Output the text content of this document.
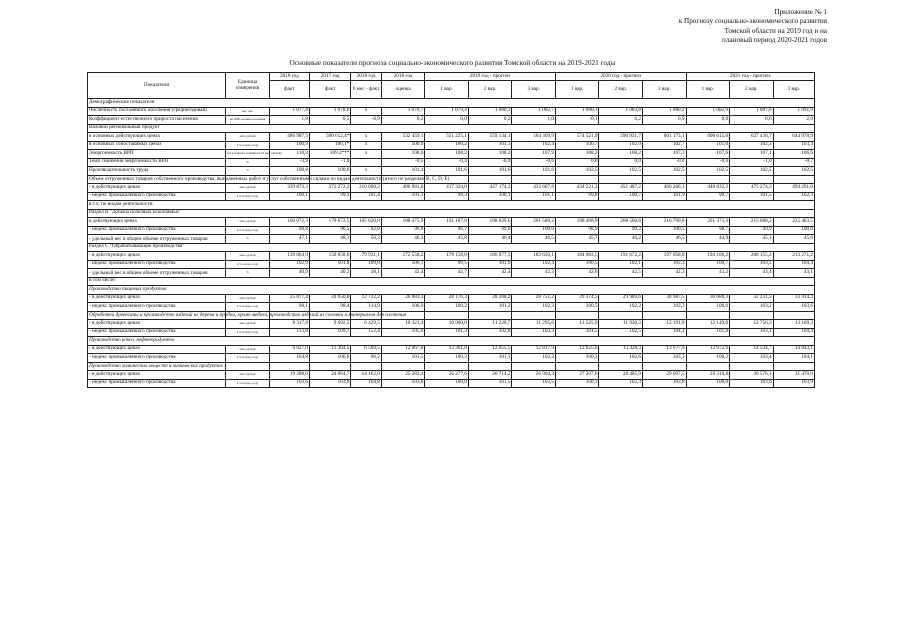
Приложение № 1
к Прогнозу социально-экономического развития
Томской области на 2019 год и на
плановый период 2020-2021 годов
Основные показатели прогноза социально-экономического развития Томской области на 2019-2021 годы
Показатели	Единица измерения	2016 год	2017 год	2018 год	2018 год	2019 год - прогноз			2020 год - прогноз			2021 год - прогноз		
		факт	факт	6 мес - факт	оценка	1 вар.	2 вар.	3 вар.	1 вар.	2 вар.	3 вар.	1 вар.	2 вар.	3 вар.
Демографические показатели														
Численность постоянного населения (среднегодовая)	тыс. чел.	1 077,8	1 078,6	x	1 078,7	1 079,4	1 080,2	1 082,7	1 080,1	1 083,8	1 080,2	1 082,9	1 087,6	1 091,9
Коэффициент естественного прироста населения	на 1000 человек населения	1,8	0,5	-0,9	0,2	0,0	0,2	1,0	-0,1	0,2	0,9	0,0	0,6	2,0
Валовой региональный продукт														
в основных действующих ценах	млн. рублей	486 987,5	500 612,4*	x	532 459,1	551 225,1	559 134,1	564 369,9	574 521,9	590 931,7	601 173,1	600 615,6	627 436,7	644 978,9
в основных сопоставимых ценах	в % к пред. году	100,9	100,1*	x	100,9	100,2	101,3	102,4	100,7	102,0	102,7	101,0	102,3	103,4
Энергоемкость ВРП	(кг условного топлива на 10 тыс. рублей)	110,3	109,2***	x	108,6	108,2	108,2	107,9	108,2	108,2	107,3	107,6	107,1	106,6
Темп снижения энергоемкости ВРП	%	-3,9	-1,0		-0,5	-0,4	-0,4	-0,6	0,0	0,0	-0,6	-0,6	-1,0	-0,7
Производительность труда	%	100,8	100,6	x	101,4	101,6	101,6	101,6	102,5	102,5	102,5	102,5	102,5	102,5
Объем отгруженных товаров собственного производства, выполненных работ и услуг собственными силами по видам деятельности (итого по разделам В, С, D, E)														
- в действующих ценах	млн. рублей	339 873,3	373 272,2	210 008,2	406 981,6	417 324,0	427 174,2	433 667,8	434 221,3	451 487,2	466 266,1	448 832,3	475 274,3	494 291,0
- индекс промышленного производства	в % к пред. году	100,1	99,1	101,4	101,1	98,3	100,1	101,1	99,8	100,7	101,9	99,7	101,5	102,3
в т.ч. по видам деятельности:														
Раздел В "Добыча полезных ископаемых"														
в действующих ценах	млн. рублей	160 072,3	179 672,5	105 620,8	188 475,9	191 107,8	198 029,6	201 589,2	198 468,9	208 560,6	216 790,8	201 371,3	215 088,2	225 403,5
- индекс промышленного производства	в % к пред. году	99,8	96,5	92,0	96,8	96,7	99,0	100,0	98,9	99,2	100,5	98,7	99,9	100,6
- удельный вес в общем объеме отгруженных товаров	%	47,1	48,1	50,3	46,3	45,8	46,4	46,5	45,7	46,2	46,5	44,9	45,3	45,6
Раздел С "Обрабатывающие производства"														
- в действующих ценах	млн. рублей	139 064,9	150 058,0	79 931,1	172 558,2	178 158,8	180 977,3	183 650,1	184 983,5	191 672,2	197 058,8	194 106,2	206 155,2	213 271,2
- индекс промышленного производства	в % к пред. году	102,9	101,8	109,8	106,1	99,5	101,0	102,4	100,5	102,1	103,3	100,7	103,5	104,4
- удельный вес в общем объеме отгруженных товаров	%	40,9	40,2	38,1	42,4	42,7	42,4	42,3	42,6	42,5	42,3	43,2	43,4	43,1
в том числе:														
Производство пищевых продуктов														
- в действующих ценах	млн. рублей	25 877,4	24 650,0	12 722,2	26 983,3	28 176,3	28 208,2	28 751,2	29 374,5	29 989,6	30 987,5	30 688,3	32 231,5	33 414,3
- индекс промышленного производства	в % к пред. году	98,1	98,4	114,9	106,9	100,2	101,2	102,3	100,5	102,2	103,3	100,6	103,2	103,6
Обработка древесины и производство изделий из дерева и пробки, кроме мебели, производство изделий из соломки и материалов для плетения														
- в действующих ценах	млн. рублей	8 317,8	9 692,5	6 429,5	10 421,4	10 960,0	11 226,7	11 295,6	11 525,9	11 930,3	12 191,8	12 149,0	12 756,3	13 169,3
- индекс промышленного производства	в % к пред. году	113,8	109,7	152,4	105,0	101,3	102,8	103,3	101,5	102,5	104,2	101,8	103,1	104,4
Производство кокса, нефтепродуктов														
- в действующих ценах	млн. рублей	9 627,0	11 304,5	6 569,5	12 067,8	12 361,8	12 655,5	12 817,9	12 625,6	13 428,3	13 677,6	12 972,6	14 534,7	14 843,1
- индекс промышленного производства	в % к пред. году	104,8	106,6	96,2	101,5	100,3	101,1	102,3	100,3	102,6	103,3	100,2	103,4	104,1
Производство химических веществ и химических продуктов														
- в действующих ценах	млн. рублей	19 288,0	24 064,7	14 162,0	25 282,4	26 277,6	26 714,2	26 904,3	27 207,6	28 485,9	29 097,5	28 310,8	30 576,3	31 470,0
- индекс промышленного производства	в % к пред. году	103,6	103,0	104,8	103,0	100,0	101,5	102,5	100,1	102,3	103,8	100,0	103,6	103,9
